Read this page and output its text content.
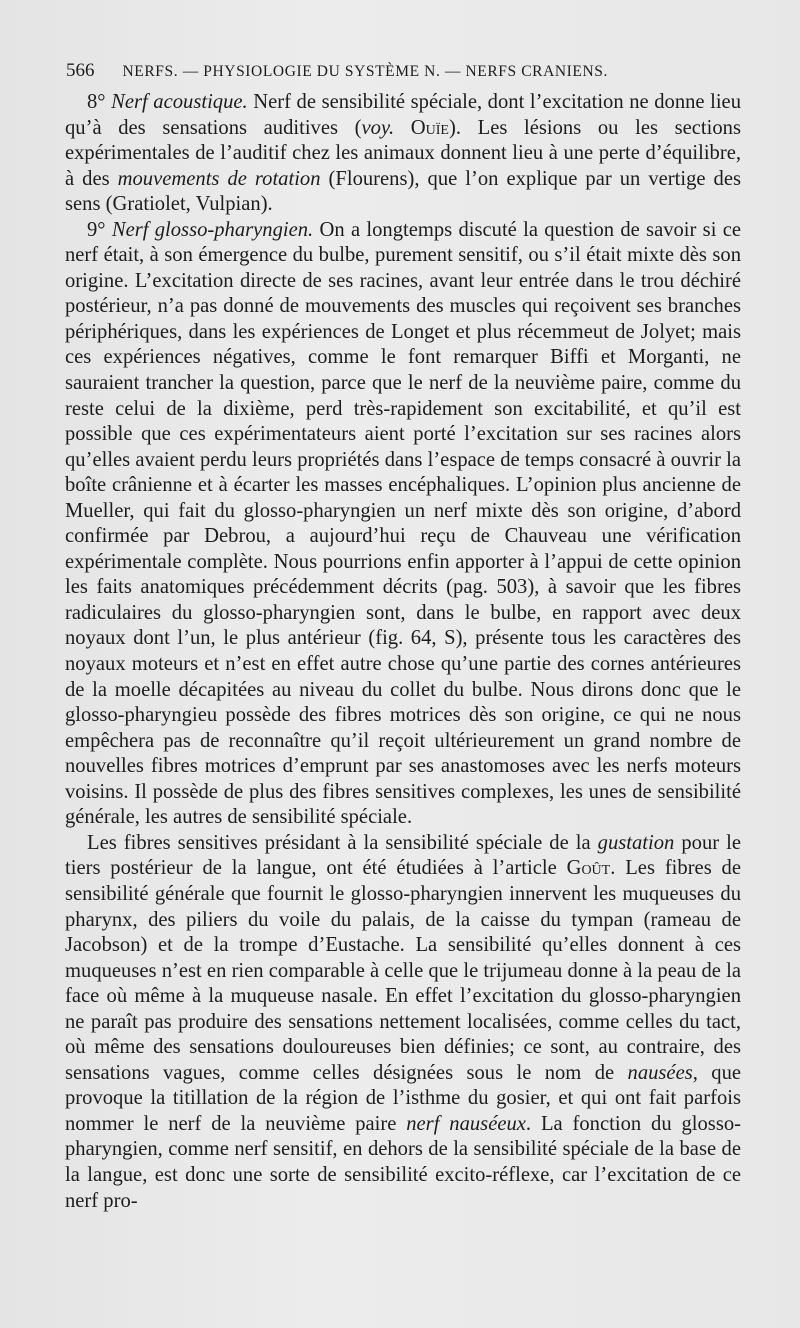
566 NERFS. — PHYSIOLOGIE DU SYSTÈME N. — NERFS CRANIENS.

8° Nerf acoustique. Nerf de sensibilité spéciale, dont l’excitation ne donne lieu qu’à des sensations auditives (voy. Ouïe). Les lésions ou les sections expérimentales de l’auditif chez les animaux donnent lieu à une perte d’équilibre, à des mouvements de rotation (Flourens), que l’on explique par un vertige des sens (Gratiolet, Vulpian).

9° Nerf glosso-pharyngien. On a longtemps discuté la question de savoir si ce nerf était, à son émergence du bulbe, purement sensitif, ou s’il était mixte dès son origine. L’excitation directe de ses racines, avant leur entrée dans le trou déchiré postérieur, n’a pas donné de mouvements des muscles qui reçoivent ses branches périphériques, dans les expériences de Longet et plus récemmeut de Jolyet; mais ces expériences négatives, comme le font remarquer Biffi et Morganti, ne sauraient trancher la question, parce que le nerf de la neuvième paire, comme du reste celui de la dixième, perd très-rapidement son excitabilité, et qu’il est possible que ces expérimentateurs aient porté l’excitation sur ses racines alors qu’elles avaient perdu leurs propriétés dans l’espace de temps consacré à ouvrir la boîte crânienne et à écarter les masses encéphaliques. L’opinion plus ancienne de Mueller, qui fait du glosso-pharyngien un nerf mixte dès son origine, d’abord confirmée par Debrou, a aujourd’hui reçu de Chauveau une vérification expérimentale complète. Nous pourrions enfin apporter à l’appui de cette opinion les faits anatomiques précédemment décrits (pag. 503), à savoir que les fibres radiculaires du glosso-pharyngien sont, dans le bulbe, en rapport avec deux noyaux dont l’un, le plus antérieur (fig. 64, S), présente tous les caractères des noyaux moteurs et n’est en effet autre chose qu’une partie des cornes antérieures de la moelle décapitées au niveau du collet du bulbe. Nous dirons donc que le glosso-pharyngieu possède des fibres motrices dès son origine, ce qui ne nous empêchera pas de reconnaître qu’il reçoit ultérieurement un grand nombre de nouvelles fibres motrices d’emprunt par ses anastomoses avec les nerfs moteurs voisins. Il possède de plus des fibres sensitives complexes, les unes de sensibilité générale, les autres de sensibilité spéciale.

Les fibres sensitives présidant à la sensibilité spéciale de la gustation pour le tiers postérieur de la langue, ont été étudiées à l’article Goût. Les fibres de sensibilité générale que fournit le glosso-pharyngien innervent les muqueuses du pharynx, des piliers du voile du palais, de la caisse du tympan (rameau de Jacobson) et de la trompe d’Eustache. La sensibilité qu’elles donnent à ces muqueuses n’est en rien comparable à celle que le trijumeau donne à la peau de la face où même à la muqueuse nasale. En effet l’excitation du glosso-pharyngien ne paraît pas produire des sensations nettement localisées, comme celles du tact, où même des sensations douloureuses bien définies; ce sont, au contraire, des sensations vagues, comme celles désignées sous le nom de nausées, que provoque la titillation de la région de l’isthme du gosier, et qui ont fait parfois nommer le nerf de la neuvième paire nerf nauséeux. La fonction du glosso-pharyngien, comme nerf sensitif, en dehors de la sensibilité spéciale de la base de la langue, est donc une sorte de sensibilité excito-réflexe, car l’excitation de ce nerf pro-
